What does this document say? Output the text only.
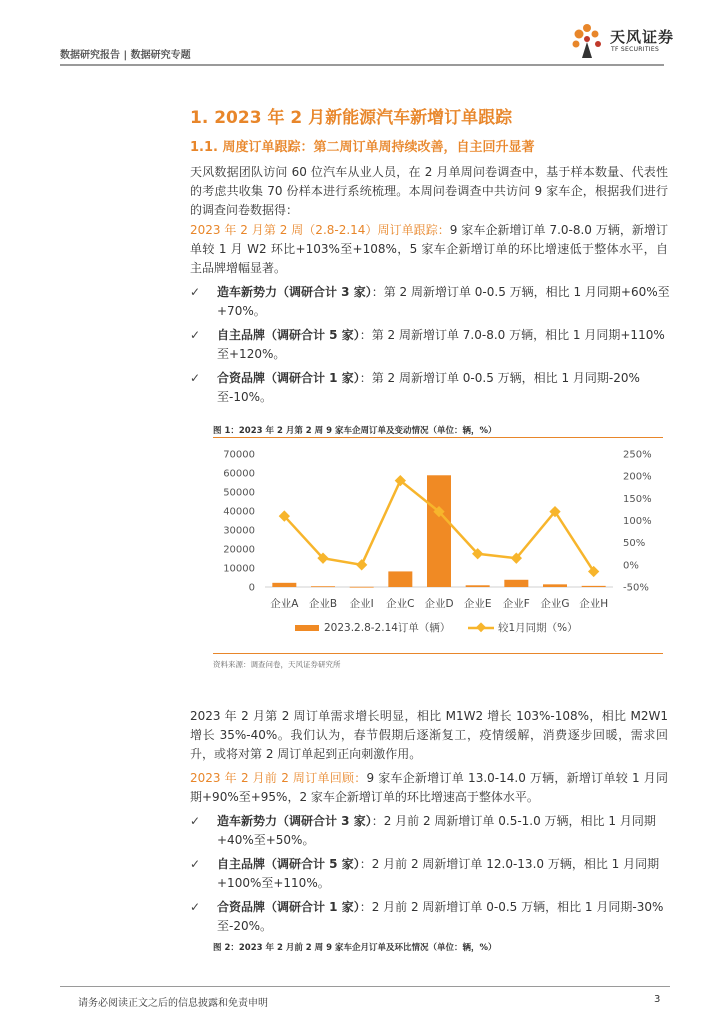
数据研究报告 | 数据研究专题
天风证券
TF SECURITIES
1. 2023 年 2 月新能源汽车新增订单跟踪
1.1. 周度订单跟踪：第二周订单周持续改善，自主回升显著
天风数据团队访问 60 位汽车从业人员，在 2 月单周问卷调查中，基于样本数量、代表性的考虑共收集 70 份样本进行系统梳理。本周问卷调查中共访问 9 家车企，根据我们进行的调查问卷数据得：
2023 年 2 月第 2 周（2.8-2.14）周订单跟踪：9 家车企新增订单 7.0-8.0 万辆，新增订单较 1 月 W2 环比+103%至+108%，5 家车企新增订单的环比增速低于整体水平，自主品牌增幅显著。
✓	造车新势力（调研合计 3 家）：第 2 周新增订单 0-0.5 万辆，相比 1 月同期+60%至+70%。
✓	自主品牌（调研合计 5 家）：第 2 周新增订单 7.0-8.0 万辆，相比 1 月同期+110%至+120%。
✓	合资品牌（调研合计 1 家）：第 2 周新增订单 0-0.5 万辆，相比 1 月同期-20%至-10%。
图 1：2023 年 2 月第 2 周 9 家车企周订单及变动情况（单位：辆，%）
0
10000
20000
30000
40000
50000
60000
70000
-50%
0%
50%
100%
150%
200%
250%
企业A 企业B 企业I 企业C 企业D 企业E 企业F 企业G 企业H
2023.2.8-2.14订单（辆）	较1月同期（%）
资料来源：调查问卷，天风证券研究所
2023 年 2 月第 2 周订单需求增长明显，相比 M1W2 增长 103%-108%，相比 M2W1 增长 35%-40%。我们认为，春节假期后逐渐复工，疫情缓解，消费逐步回暖，需求回升，或将对第 2 周订单起到正向刺激作用。
2023 年 2 月前 2 周订单回顾：9 家车企新增订单 13.0-14.0 万辆，新增订单较 1 月同期+90%至+95%，2 家车企新增订单的环比增速高于整体水平。
✓	造车新势力（调研合计 3 家）：2 月前 2 周新增订单 0.5-1.0 万辆，相比 1 月同期+40%至+50%。
✓	自主品牌（调研合计 5 家）：2 月前 2 周新增订单 12.0-13.0 万辆，相比 1 月同期+100%至+110%。
✓	合资品牌（调研合计 1 家）：2 月前 2 周新增订单 0-0.5 万辆，相比 1 月同期-30%至-20%。
图 2：2023 年 2 月前 2 周 9 家车企月订单及环比情况（单位：辆，%）
请务必阅读正文之后的信息披露和免责申明	3
